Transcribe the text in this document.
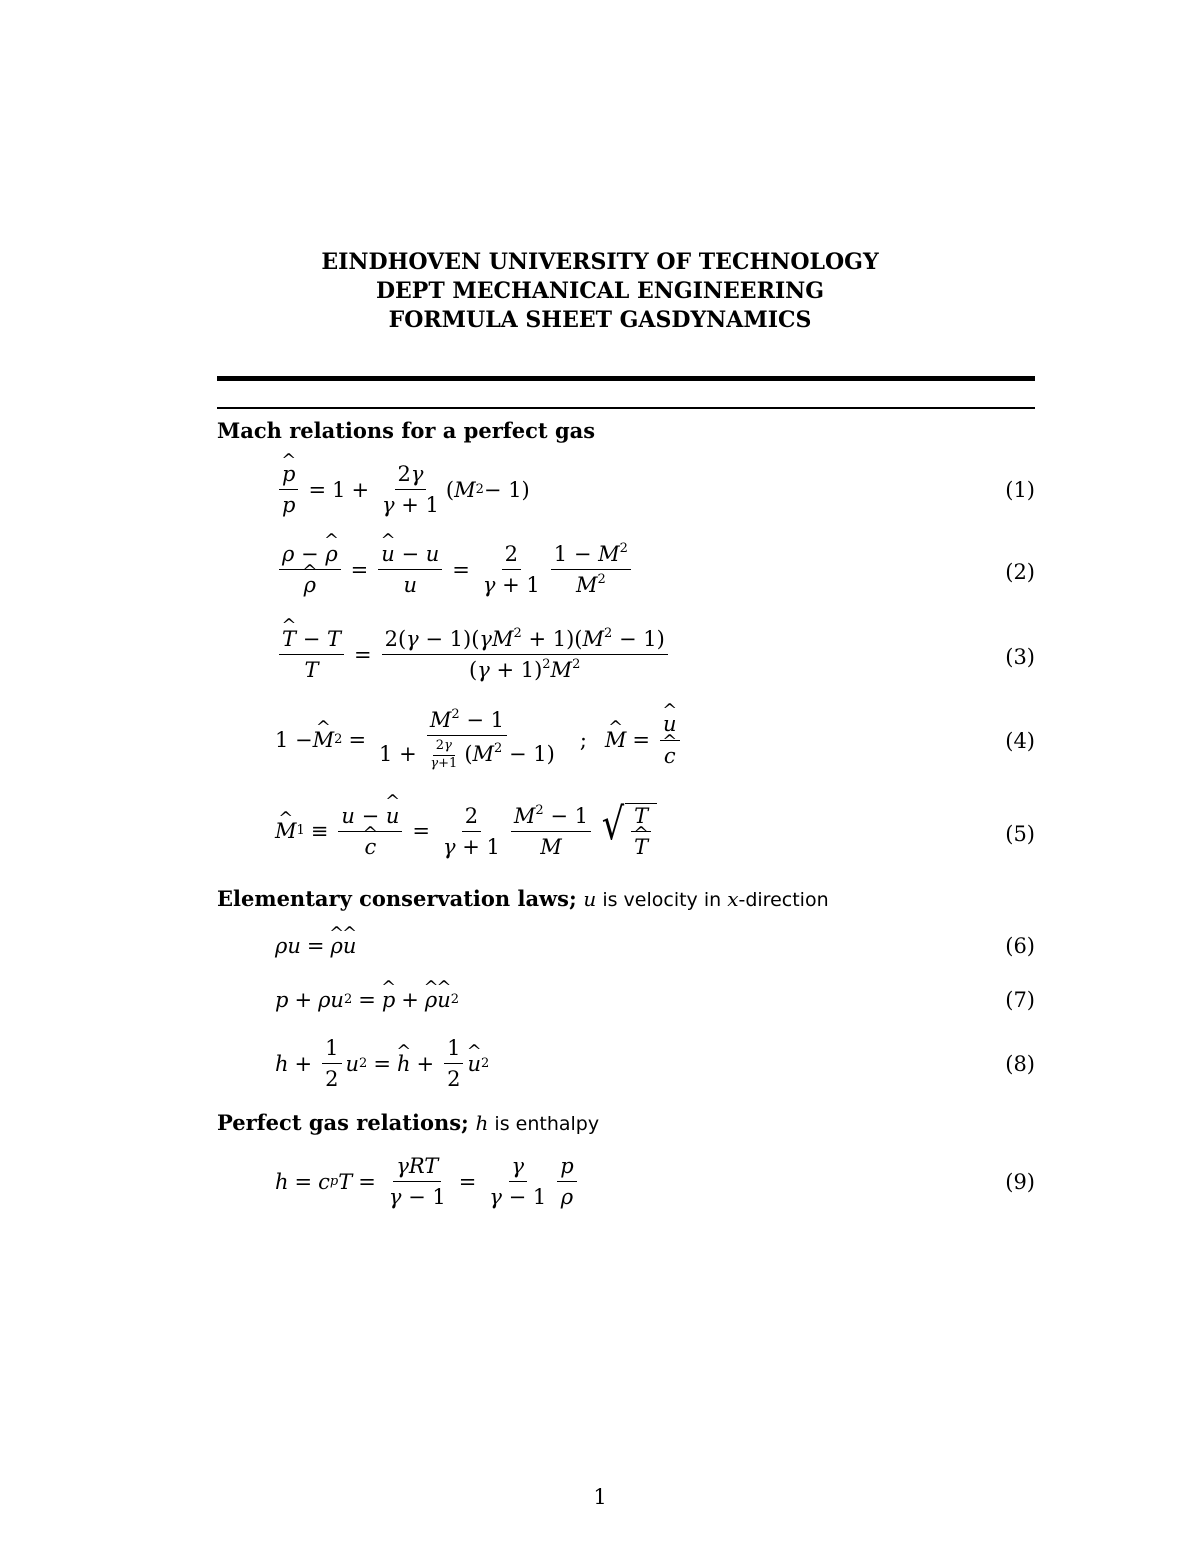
EINDHOVEN UNIVERSITY OF TECHNOLOGY
DEPT MECHANICAL ENGINEERING
FORMULA SHEET GASDYNAMICS
Mach relations for a perfect gas
^ $\frac{p}{p} = 1 + \frac{2\gamma}{\gamma + 1}$ ( M 2 − 1)	(1)
ρ − ^ ρ
^ ρ = ^ $\frac{u - u}{u} = \frac{2}{\gamma + 1} \frac{1 - M^2}{M^2}$	(2)
^ $\frac{T - T}{T} = \frac{2(\gamma - 1)(\gamma M^2 + 1)(M^2 - 1)}{(\gamma + 1)^2M^2}$	(3)
1 − ^ M $2 = \frac{M^2 - 1}{1 + \frac{2\gamma}{\gamma+1} (M^2 - 1)}$ ; ^ M = ^ u
^ c	(4)
^ M 1 ≡ u − ^ u
^ $c = \frac{2}{\gamma + 1} \frac{M^2 - 1}{M}$ √ T
^ T	(5)
Elementary conservation laws; u is velocity in x-direction
ρu = ^ ρ ^ u	(6)
p + ρu 2 = ^ p + ^ ρ ^ u 2	(7)
$h + \frac{1}{2}$ u 2 = ^ $h + \frac{1}{2}$ ^ u 2	(8)
Perfect gas relations; h is enthalpy
h = c p $T = \frac{\text{γRT}}{\gamma - 1} = \frac{\gamma}{\gamma - 1} \frac{p}{\rho}$	(9)
1
